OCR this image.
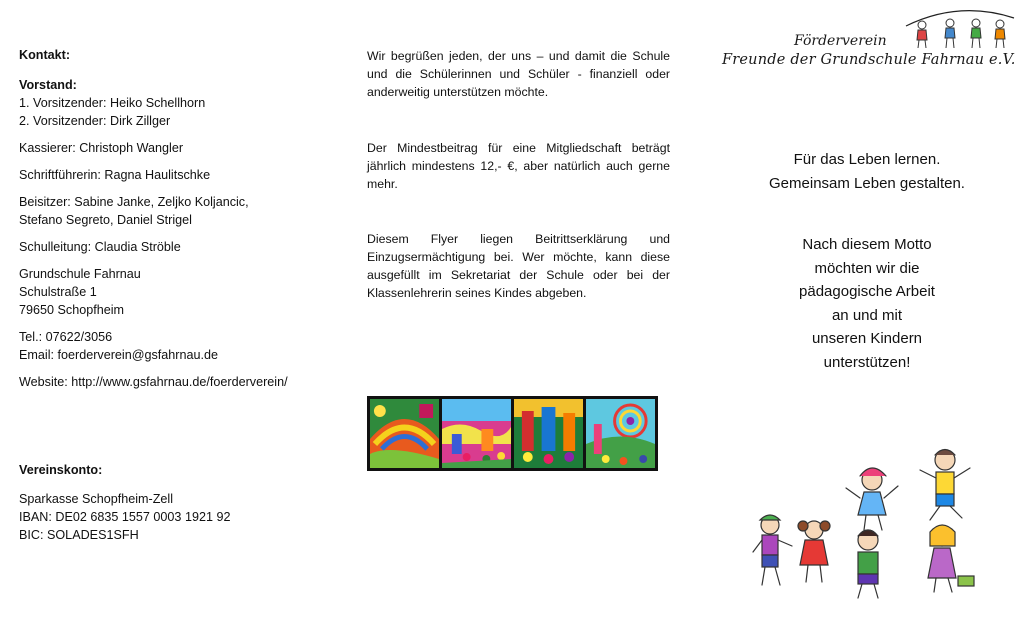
Kontakt:
Vorstand:
1. Vorsitzender: Heiko Schellhorn
2. Vorsitzender: Dirk Zillger
Kassierer: Christoph Wangler
Schriftführerin: Ragna Haulitschke
Beisitzer: Sabine Janke, Zeljko Koljancic,
Stefano Segreto, Daniel Strigel
Schulleitung: Claudia Ströble
Grundschule Fahrnau
Schulstraße 1
79650 Schopfheim
Tel.: 07622/3056
Email: foerderverein@gsfahrnau.de
Website: http://www.gsfahrnau.de/foerderverein/
Vereinskonto:
Sparkasse Schopfheim-Zell
IBAN: DE02 6835 1557 0003 1921 92
BIC: SOLADES1SFH
Wir begrüßen jeden, der uns – und damit die Schule und die Schülerinnen und Schüler - finanziell oder anderweitig unterstützen möchte.
Der Mindestbeitrag für eine Mitgliedschaft beträgt jährlich mindestens 12,- €, aber natürlich auch gerne mehr.
Diesem Flyer liegen Beitrittserklärung und Einzugsermächtigung bei. Wer möchte, kann diese ausgefüllt im Sekretariat der Schule oder bei der Klassenlehrerin seines Kindes abgeben.
Förderverein
Freunde der Grundschule Fahrnau e.V.
Für das Leben lernen.
Gemeinsam Leben gestalten.
Nach diesem Motto
möchten wir die
pädagogische Arbeit
an und mit
unseren Kindern
unterstützen!
